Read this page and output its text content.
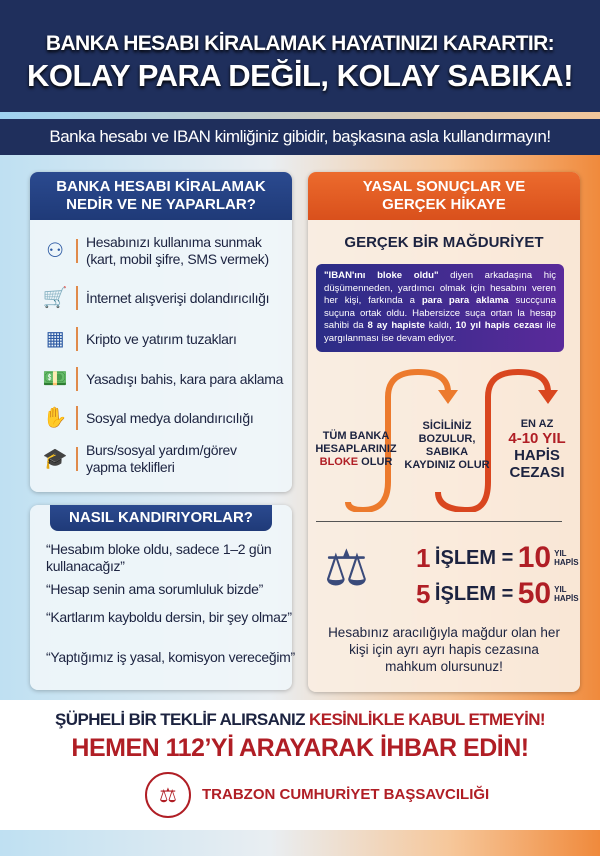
BANKA HESABI KİRALAMAK HAYATINIZI KARARTIR:
KOLAY PARA DEĞİL, KOLAY SABIKA!
Banka hesabı ve IBAN kimliğiniz gibidir, başkasına asla kullandırmayın!
BANKA HESABI KİRALAMAK
NEDİR VE NE YAPARLAR?
⚇	Hesabınızı kullanıma sunmak
(kart, mobil şifre, SMS vermek)
🛒 İnternet alışverişi dolandırıcılığı
▦	Kripto ve yatırım tuzakları
💵 Yasadışı bahis, kara para aklama
✋ Sosyal medya dolandırıcılığı
🎓 Burs/sosyal yardım/görev
yapma teklifleri
NASIL KANDIRIYORLAR?
“Hesabım bloke oldu, sadece 1–2 gün kullanacağız”
“Hesap senin ama sorumluluk bizde”
“Kartlarım kayboldu dersin, bir şey olmaz”
“Yaptığımız iş yasal, komisyon vereceğim”
YASAL SONUÇLAR VE
GERÇEK HİKAYE
GERÇEK BİR MAĞDURİYET
"IBAN'ını bloke oldu" diyen arkadaşına hiç düşümenneden, yardımcı olmak için hesabını veren her kişi, farkında a para para aklama succçuna suçuna ortak oldu. Habersizce suça ortan la hesap sahibi da 8 ay hapiste kaldı, 10 yıl hapis cezası ile yargılanması ise devam ediyor.
TÜM BANKA
HESAPLARINIZ
BLOKE OLUR
SİCİLİNİZ BOZULUR, SABIKA KAYDINIZ OLUR
EN AZ
4-10 YIL
HAPİS
CEZASI
⚖ 1
İŞLEM =
10 YIL
HAPİS
5
İŞLEM =
50 YIL
HAPİS
Hesabınız aracılığıyla mağdur olan her kişi için ayrı ayrı hapis cezasına mahkum olursunuz!
ŞÜPHELİ BİR TEKLİF ALIRSANIZ KESİNLİKLE KABUL ETMEYİN!
HEMEN 112’Yİ ARAYARAK İHBAR EDİN!
⚖	TRABZON CUMHURİYET BAŞSAVCILIĞI
